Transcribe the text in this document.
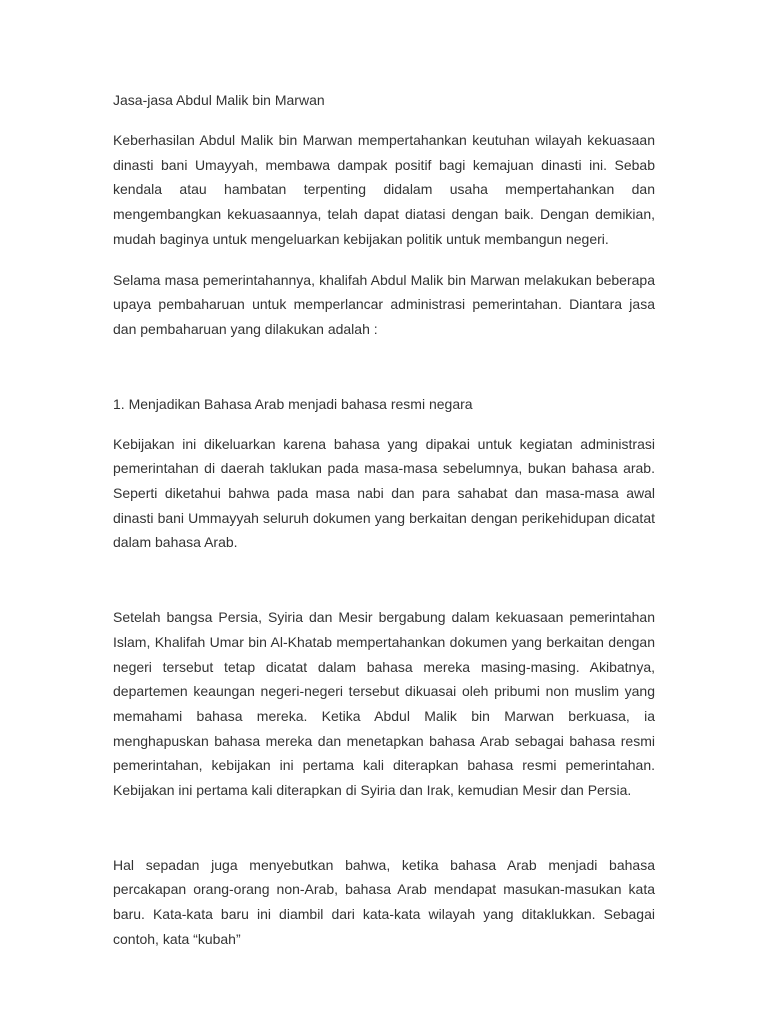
Jasa-jasa Abdul Malik bin Marwan

Keberhasilan Abdul Malik bin Marwan mempertahankan keutuhan wilayah kekuasaan dinasti bani Umayyah, membawa dampak positif bagi kemajuan dinasti ini. Sebab kendala atau hambatan terpenting didalam usaha mempertahankan dan mengembangkan kekuasaannya, telah dapat diatasi dengan baik. Dengan demikian, mudah baginya untuk mengeluarkan kebijakan politik untuk membangun negeri.

Selama masa pemerintahannya, khalifah Abdul Malik bin Marwan melakukan beberapa upaya pembaharuan untuk memperlancar administrasi pemerintahan. Diantara jasa dan pembaharuan yang dilakukan adalah :

1. Menjadikan Bahasa Arab menjadi bahasa resmi negara

Kebijakan ini dikeluarkan karena bahasa yang dipakai untuk kegiatan administrasi pemerintahan di daerah taklukan pada masa-masa sebelumnya, bukan bahasa arab. Seperti diketahui bahwa pada masa nabi dan para sahabat dan masa-masa awal dinasti bani Ummayyah seluruh dokumen yang berkaitan dengan perikehidupan dicatat dalam bahasa Arab.

Setelah bangsa Persia, Syiria dan Mesir bergabung dalam kekuasaan pemerintahan Islam, Khalifah Umar bin Al-Khatab mempertahankan dokumen yang berkaitan dengan negeri tersebut tetap dicatat dalam bahasa mereka masing-masing. Akibatnya, departemen keaungan negeri-negeri tersebut dikuasai oleh pribumi non muslim yang memahami bahasa mereka. Ketika Abdul Malik bin Marwan berkuasa, ia menghapuskan bahasa mereka dan menetapkan bahasa Arab sebagai bahasa resmi pemerintahan, kebijakan ini pertama kali diterapkan bahasa resmi pemerintahan. Kebijakan ini pertama kali diterapkan di Syiria dan Irak, kemudian Mesir dan Persia.

Hal sepadan juga menyebutkan bahwa, ketika bahasa Arab menjadi bahasa percakapan orang-orang non-Arab, bahasa Arab mendapat masukan-masukan kata baru. Kata-kata baru ini diambil dari kata-kata wilayah yang ditaklukkan. Sebagai contoh, kata “kubah”
